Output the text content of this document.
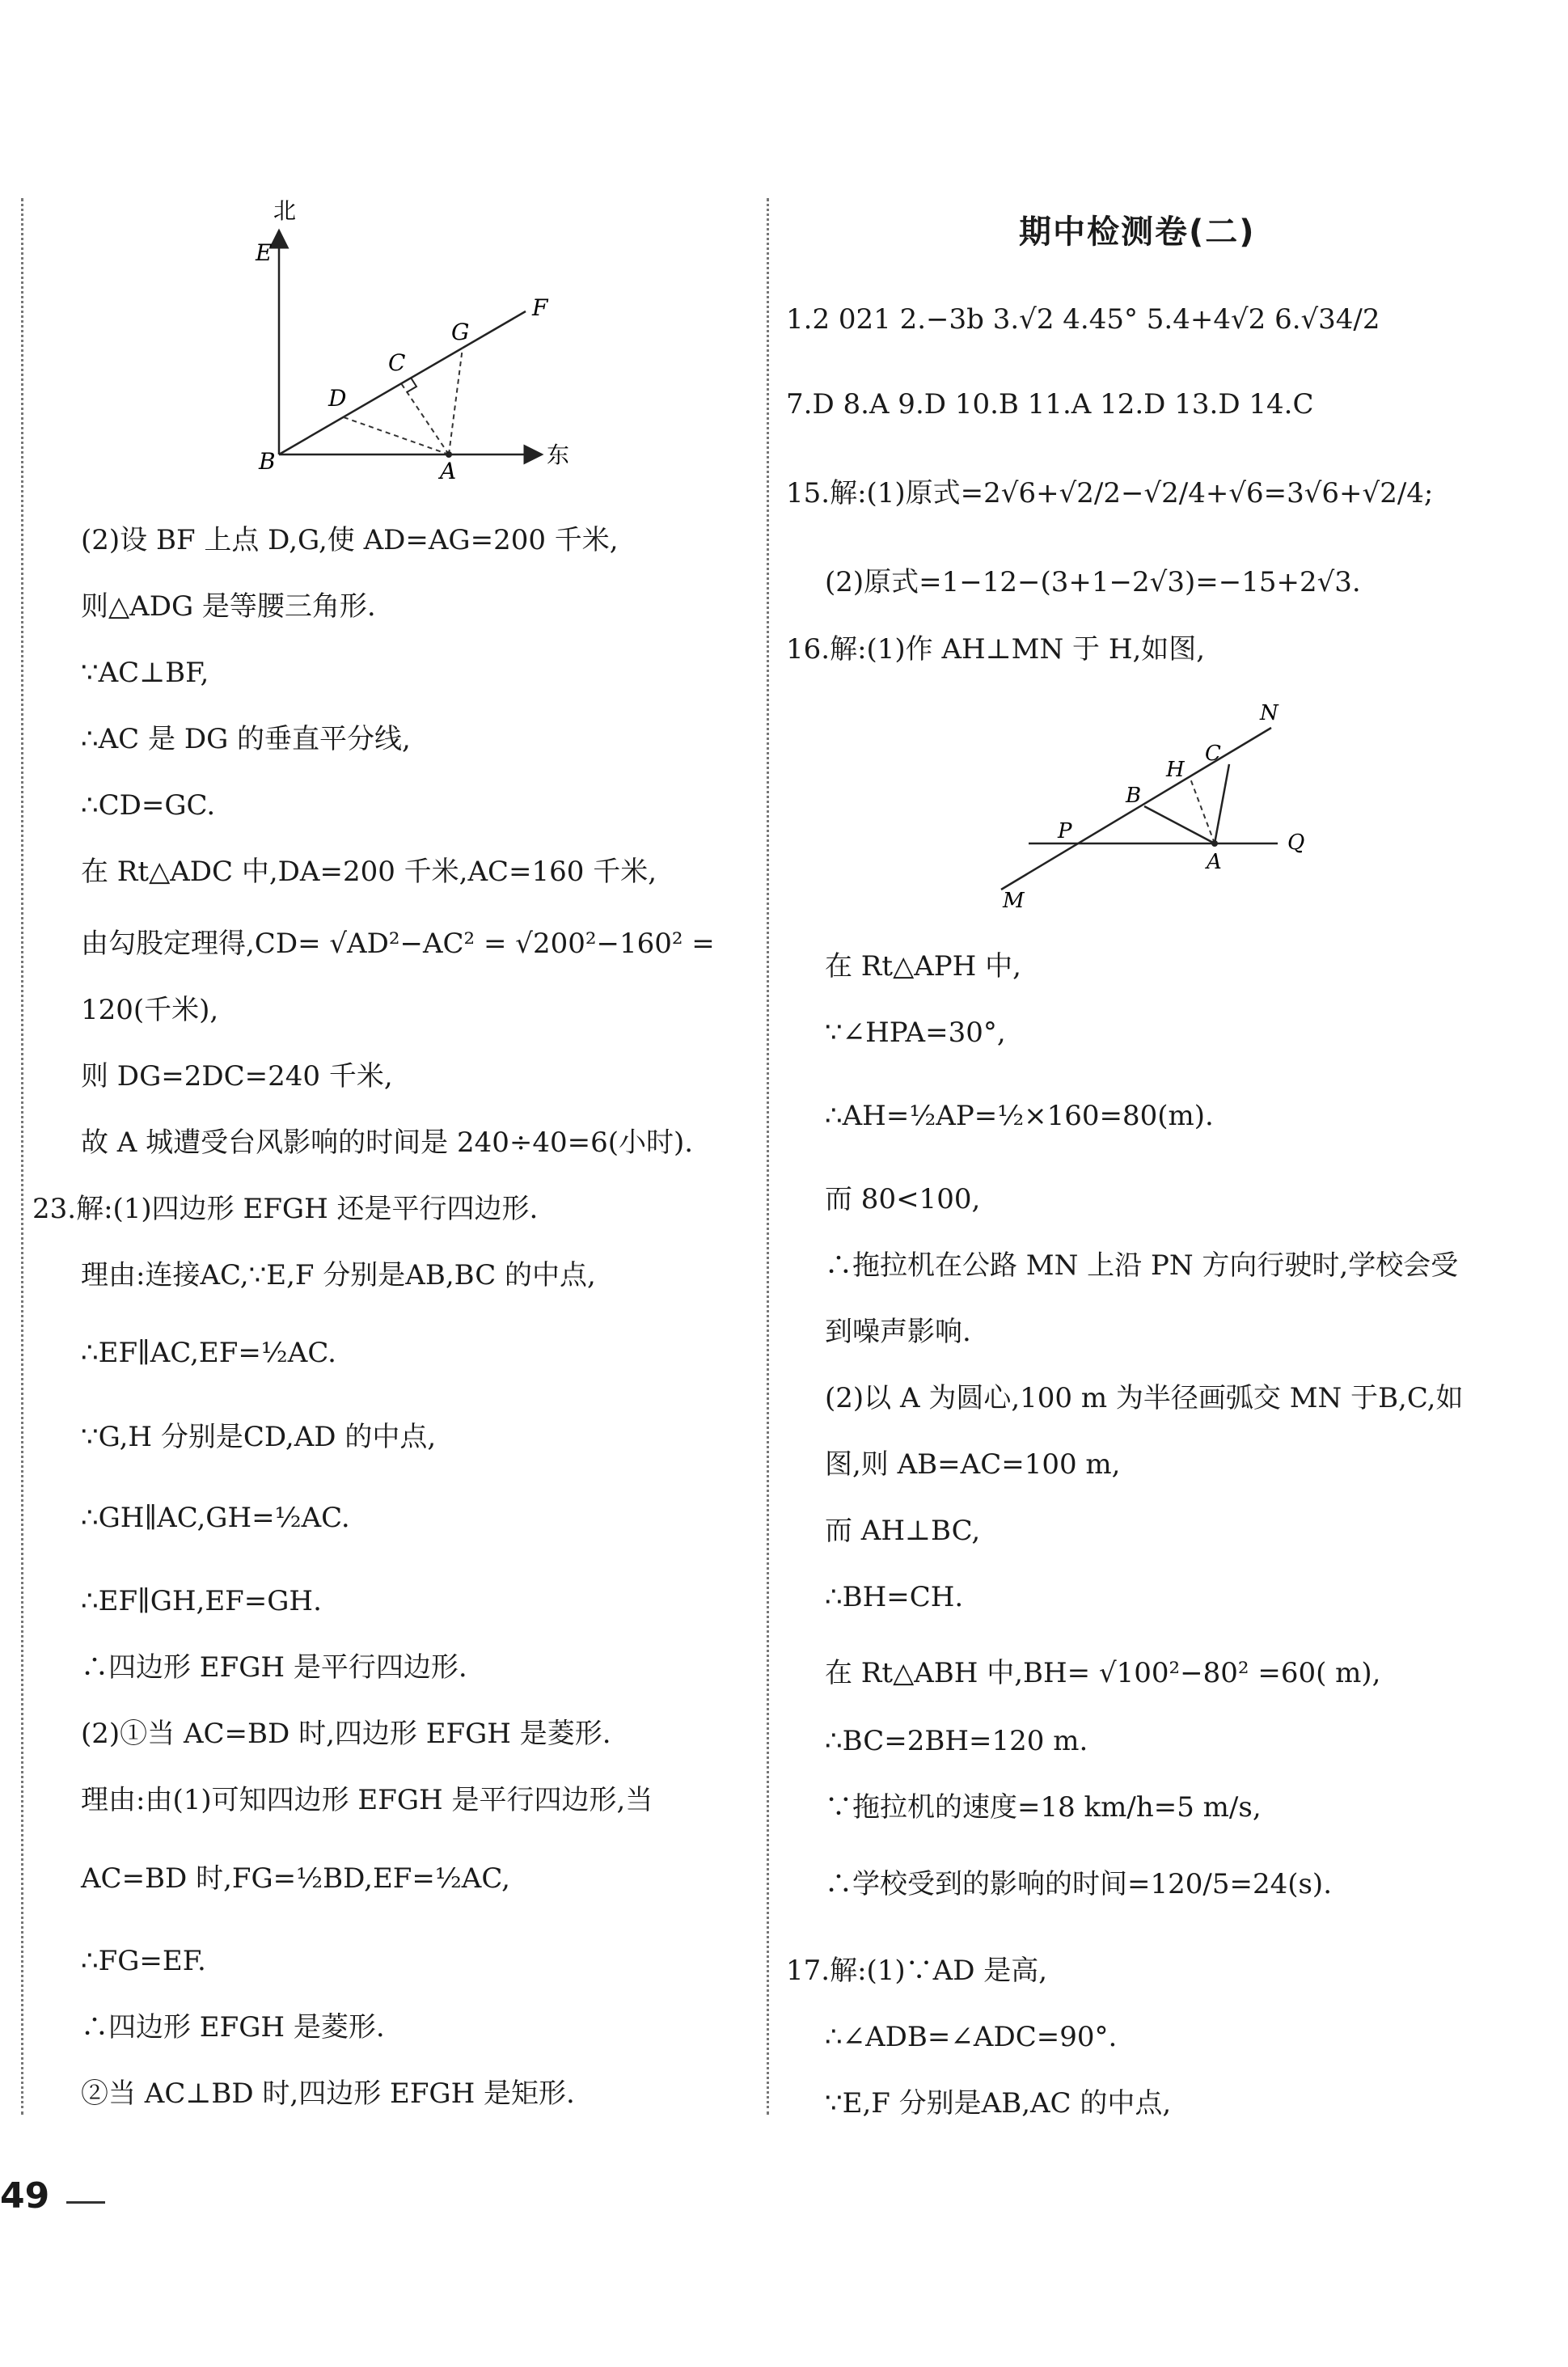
北
E
F
G
C
D
B	A
东
(2)设 BF 上点 D,G,使 AD=AG=200 千米,
则△ADG 是等腰三角形.
∵AC⊥BF,
∴AC 是 DG 的垂直平分线,
∴CD=GC.
在 Rt△ADC 中,DA=200 千米,AC=160 千米,
由勾股定理得,CD= √AD²−AC² = √200²−160² =
120(千米),
则 DG=2DC=240 千米,
故 A 城遭受台风影响的时间是 240÷40=6(小时).
23.解:(1)四边形 EFGH 还是平行四边形.
理由:连接AC,∵E,F 分别是AB,BC 的中点,
∴EF∥AC,EF=½AC.
∵G,H 分别是CD,AD 的中点,
∴GH∥AC,GH=½AC.
∴EF∥GH,EF=GH.
∴四边形 EFGH 是平行四边形.
(2)①当 AC=BD 时,四边形 EFGH 是菱形.
理由:由(1)可知四边形 EFGH 是平行四边形,当
AC=BD 时,FG=½BD,EF=½AC,
∴FG=EF.
∴四边形 EFGH 是菱形.
②当 AC⊥BD 时,四边形 EFGH 是矩形.
期中检测卷(二)
1.2 021 2.−3b 3.√2 4.45° 5.4+4√2 6.√34/2
7.D 8.A 9.D 10.B 11.A 12.D 13.D 14.C
15.解:(1)原式=2√6+√2/2−√2/4+√6=3√6+√2/4;
(2)原式=1−12−(3+1−2√3)=−15+2√3.
16.解:(1)作 AH⊥MN 于 H,如图,
N
C
H
B
P	Q
A
M
在 Rt△APH 中,
∵∠HPA=30°,
∴AH=½AP=½×160=80(m).
而 80<100,
∴拖拉机在公路 MN 上沿 PN 方向行驶时,学校会受
到噪声影响.
(2)以 A 为圆心,100 m 为半径画弧交 MN 于B,C,如
图,则 AB=AC=100 m,
而 AH⊥BC,
∴BH=CH.
在 Rt△ABH 中,BH= √100²−80² =60( m),
∴BC=2BH=120 m.
∵拖拉机的速度=18 km/h=5 m/s,
∴学校受到的影响的时间=120/5=24(s).
17.解:(1)∵AD 是高,
∴∠ADB=∠ADC=90°.
∵E,F 分别是AB,AC 的中点,
49
